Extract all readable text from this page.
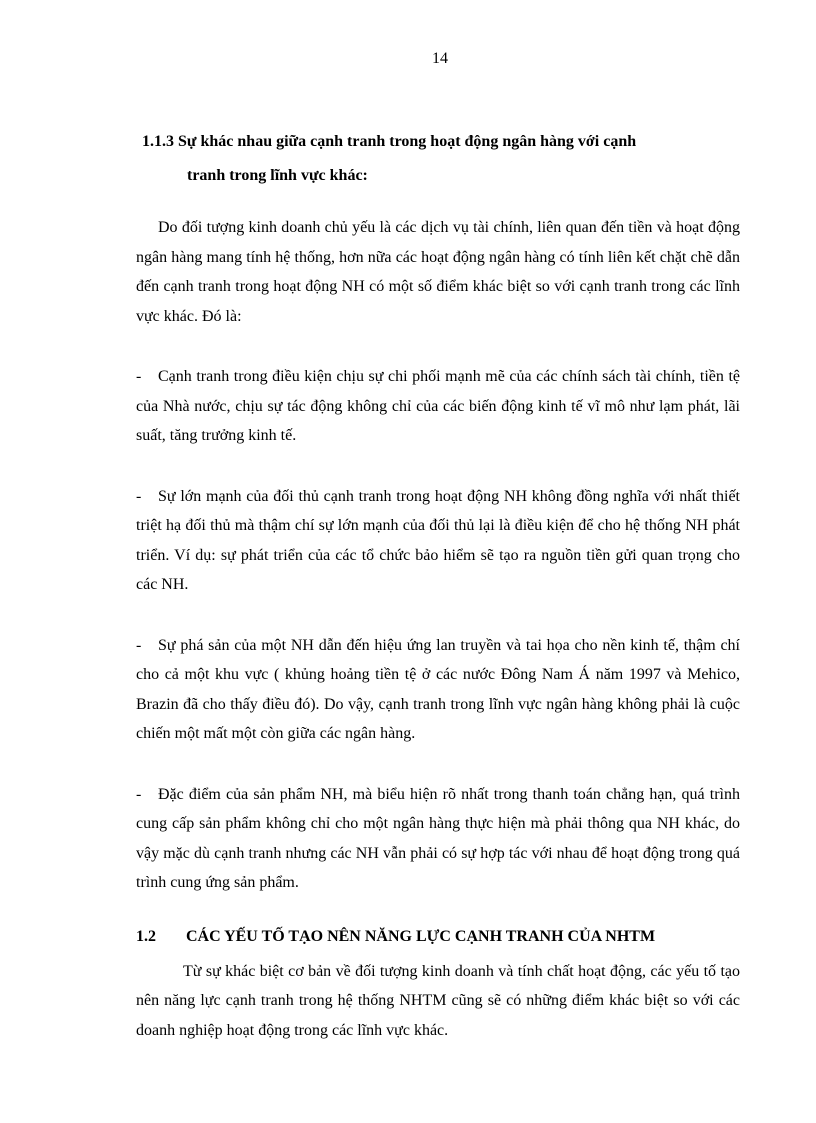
14
1.1.3 Sự khác nhau giữa cạnh tranh trong hoạt động ngân hàng với cạnh
tranh trong lĩnh vực khác:

Do đối tượng kinh doanh chủ yếu là các dịch vụ tài chính, liên quan đến tiền và hoạt động ngân hàng mang tính hệ thống, hơn nữa các hoạt động ngân hàng có tính liên kết chặt chẽ dẫn đến cạnh tranh trong hoạt động NH có một số điểm khác biệt so với cạnh tranh trong các lĩnh vực khác. Đó là:

- Cạnh tranh trong điều kiện chịu sự chi phối mạnh mẽ của các chính sách tài chính, tiền tệ của Nhà nước, chịu sự tác động không chỉ của các biến động kinh tế vĩ mô như lạm phát, lãi suất, tăng trưởng kinh tế.

- Sự lớn mạnh của đối thủ cạnh tranh trong hoạt động NH không đồng nghĩa với nhất thiết triệt hạ đối thủ mà thậm chí sự lớn mạnh của đối thủ lại là điều kiện để cho hệ thống NH phát triển. Ví dụ: sự phát triển của các tổ chức bảo hiểm sẽ tạo ra nguồn tiền gửi quan trọng cho các NH.

- Sự phá sản của một NH dẫn đến hiệu ứng lan truyền và tai họa cho nền kinh tế, thậm chí cho cả một khu vực ( khủng hoảng tiền tệ ở các nước Đông Nam Á năm 1997 và Mehico, Brazin đã cho thấy điều đó). Do vậy, cạnh tranh trong lĩnh vực ngân hàng không phải là cuộc chiến một mất một còn giữa các ngân hàng.

- Đặc điểm của sản phẩm NH, mà biểu hiện rõ nhất trong thanh toán chẳng hạn, quá trình cung cấp sản phẩm không chỉ cho một ngân hàng thực hiện mà phải thông qua NH khác, do vậy mặc dù cạnh tranh nhưng các NH vẫn phải có sự hợp tác với nhau để hoạt động trong quá trình cung ứng sản phẩm.

1.2	CÁC YẾU TỐ TẠO NÊN NĂNG LỰC CẠNH TRANH CỦA NHTM

Từ sự khác biệt cơ bản về đối tượng kinh doanh và tính chất hoạt động, các yếu tố tạo nên năng lực cạnh tranh trong hệ thống NHTM cũng sẽ có những điểm khác biệt so với các doanh nghiệp hoạt động trong các lĩnh vực khác.
